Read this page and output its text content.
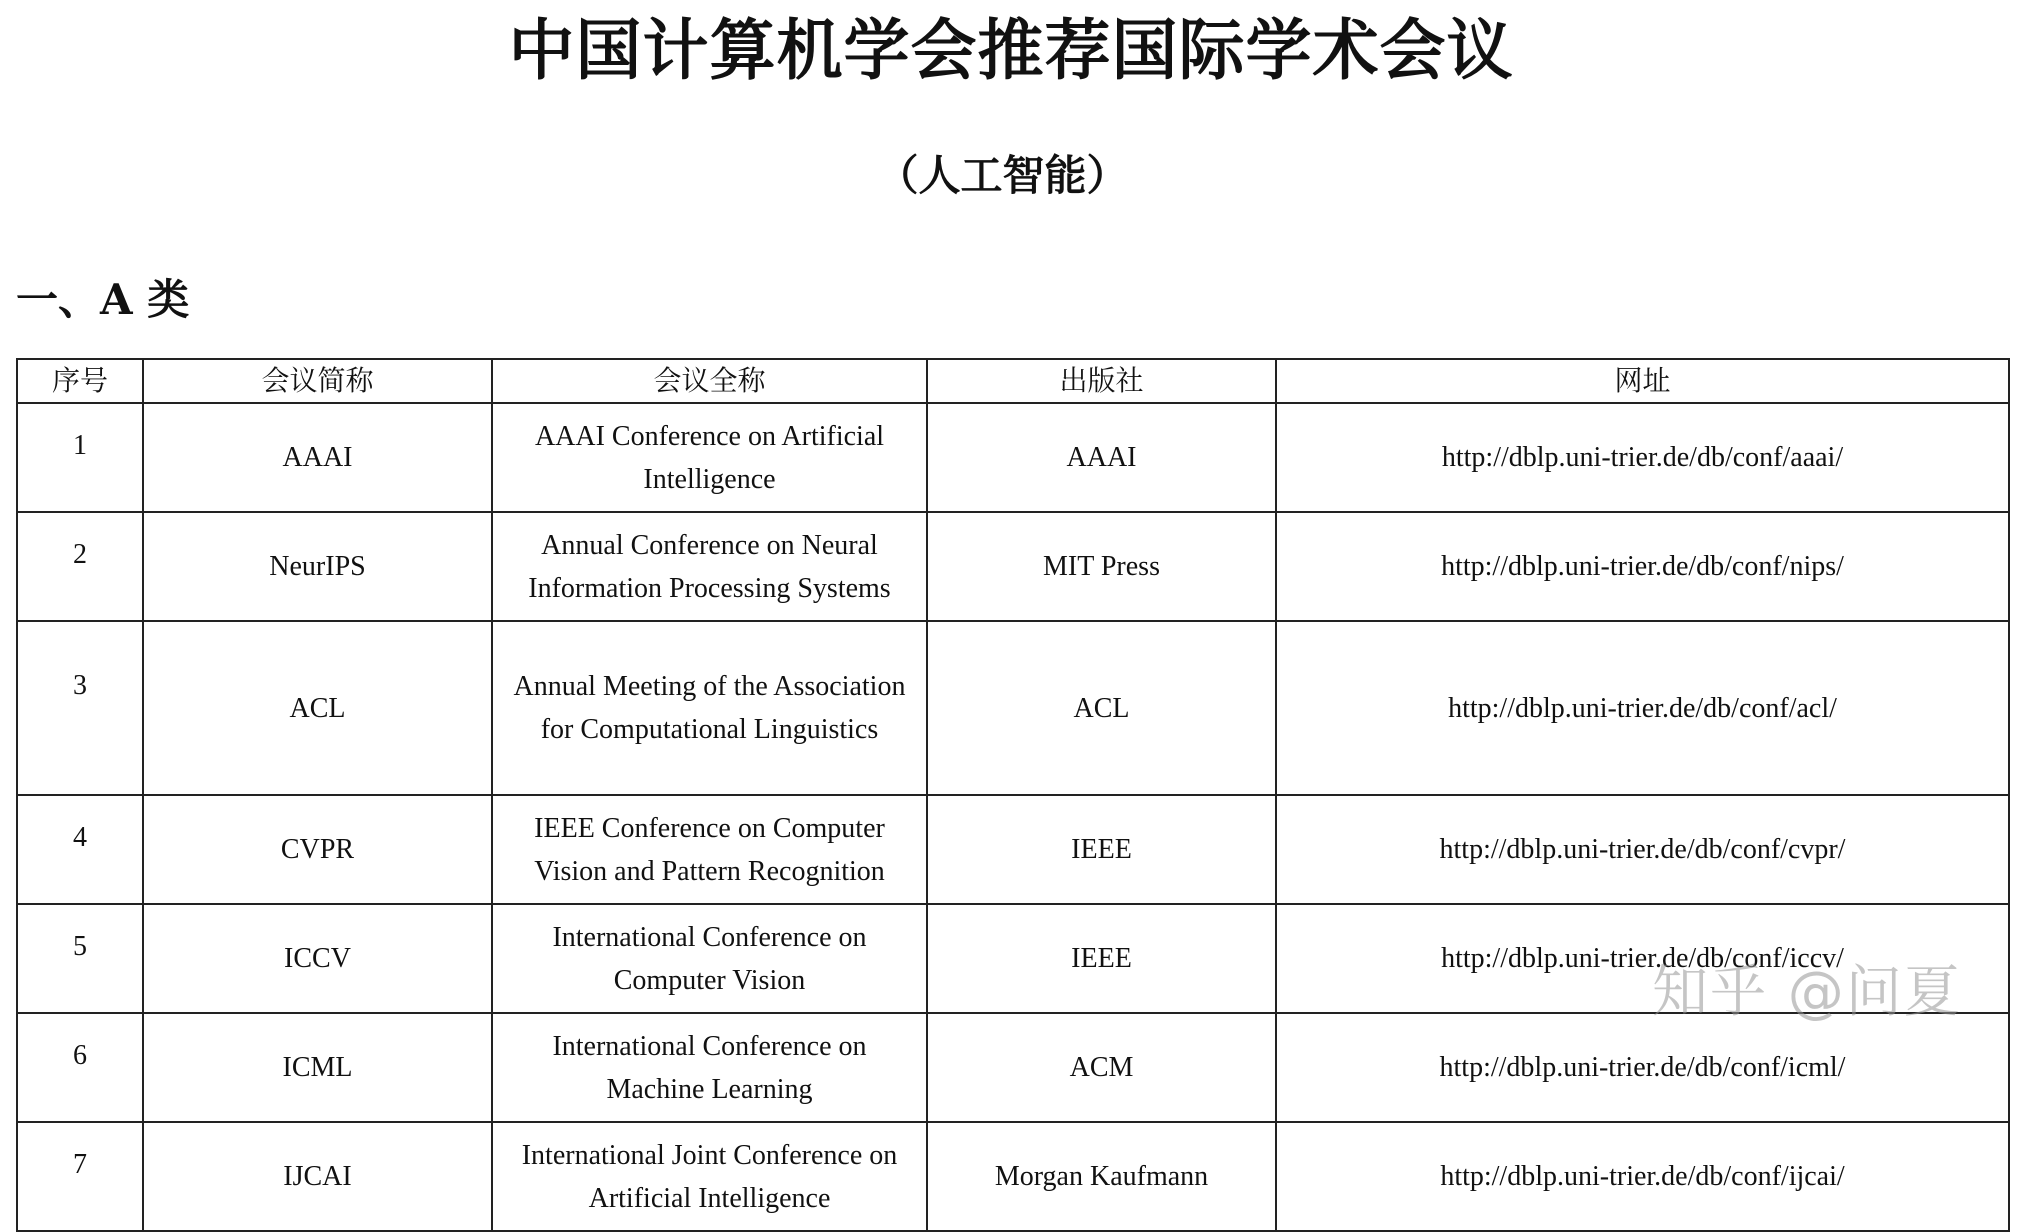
中国计算机学会推荐国际学术会议
（人工智能）
一、A 类
序号	会议简称	会议全称	出版社	网址
1	AAAI	AAAI Conference on Artificial Intelligence	AAAI	http://dblp.uni-trier.de/db/conf/aaai/
2	NeurIPS	Annual Conference on Neural Information Processing Systems	MIT Press	http://dblp.uni-trier.de/db/conf/nips/
3	ACL	Annual Meeting of the Association for Computational Linguistics	ACL	http://dblp.uni-trier.de/db/conf/acl/
4	CVPR	IEEE Conference on Computer Vision and Pattern Recognition	IEEE	http://dblp.uni-trier.de/db/conf/cvpr/
5	ICCV	International Conference on Computer Vision	IEEE	http://dblp.uni-trier.de/db/conf/iccv/
6	ICML	International Conference on Machine Learning	ACM	http://dblp.uni-trier.de/db/conf/icml/
7	IJCAI	International Joint Conference on Artificial Intelligence	Morgan Kaufmann	http://dblp.uni-trier.de/db/conf/ijcai/
知乎 @问夏
